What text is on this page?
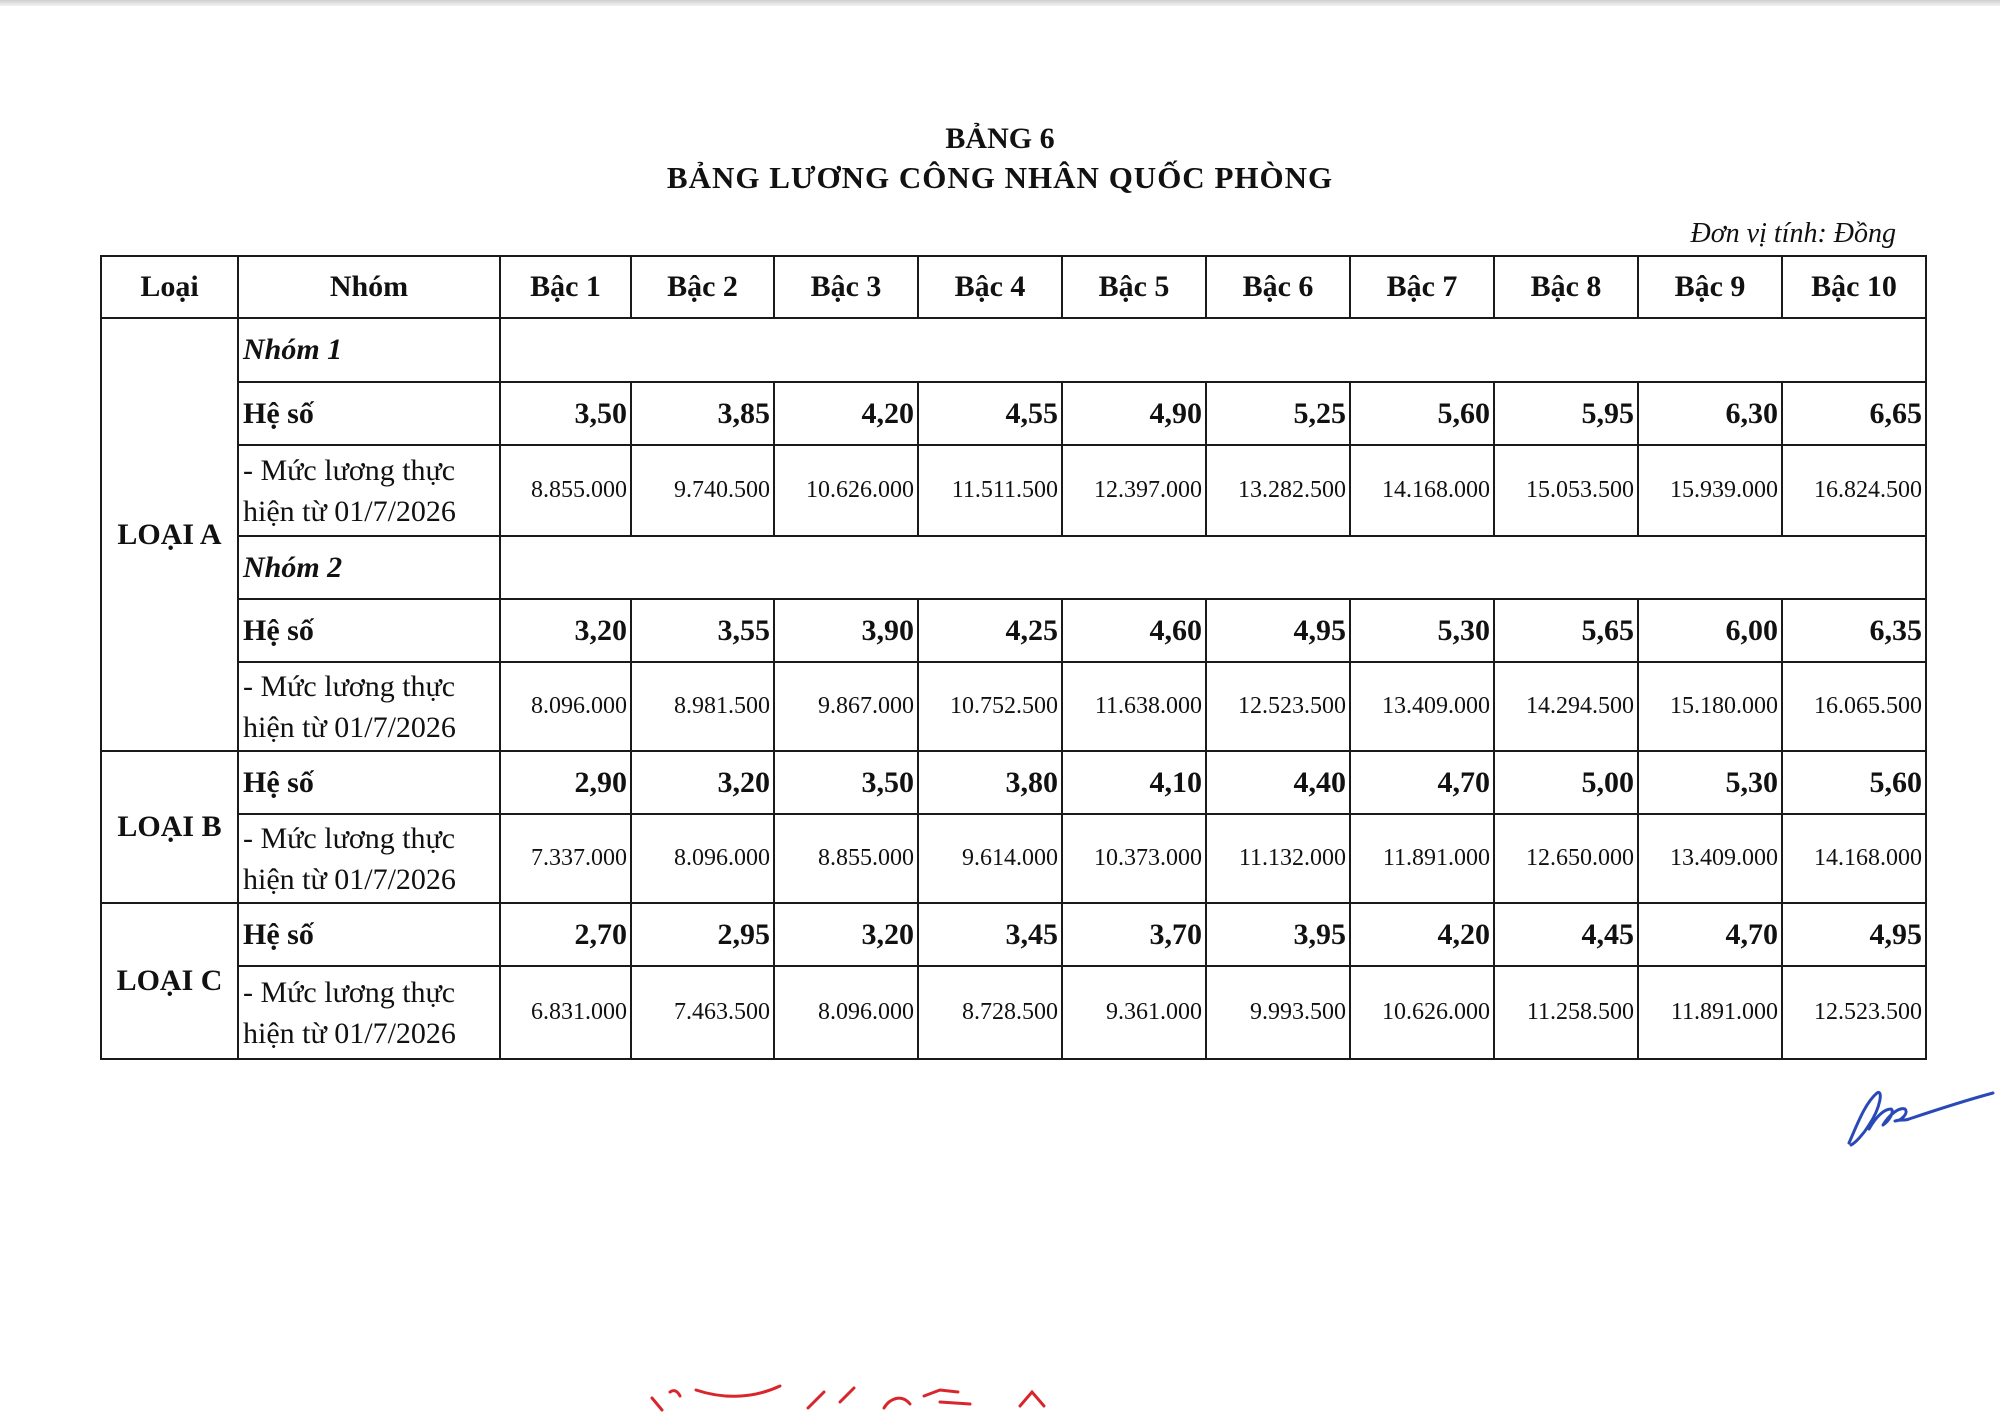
BẢNG 6
BẢNG LƯƠNG CÔNG NHÂN QUỐC PHÒNG
Đơn vị tính: Đồng
Loại	Nhóm	Bậc 1	Bậc 2	Bậc 3	Bậc 4	Bậc 5	Bậc 6	Bậc 7	Bậc 8	Bậc 9	Bậc 10
LOẠI A	Nhóm 1										
	Hệ số	3,50	3,85	4,20	4,55	4,90	5,25	5,60	5,95	6,30	6,65
	- Mức lương thực
hiện từ 01/7/2026	8.855.000	9.740.500	10.626.000	11.511.500	12.397.000	13.282.500	14.168.000	15.053.500	15.939.000	16.824.500
	Nhóm 2										
	Hệ số	3,20	3,55	3,90	4,25	4,60	4,95	5,30	5,65	6,00	6,35
	- Mức lương thực
hiện từ 01/7/2026	8.096.000	8.981.500	9.867.000	10.752.500	11.638.000	12.523.500	13.409.000	14.294.500	15.180.000	16.065.500
LOẠI B	Hệ số	2,90	3,20	3,50	3,80	4,10	4,40	4,70	5,00	5,30	5,60
	- Mức lương thực
hiện từ 01/7/2026	7.337.000	8.096.000	8.855.000	9.614.000	10.373.000	11.132.000	11.891.000	12.650.000	13.409.000	14.168.000
LOẠI C	Hệ số	2,70	2,95	3,20	3,45	3,70	3,95	4,20	4,45	4,70	4,95
	- Mức lương thực
hiện từ 01/7/2026	6.831.000	7.463.500	8.096.000	8.728.500	9.361.000	9.993.500	10.626.000	11.258.500	11.891.000	12.523.500
